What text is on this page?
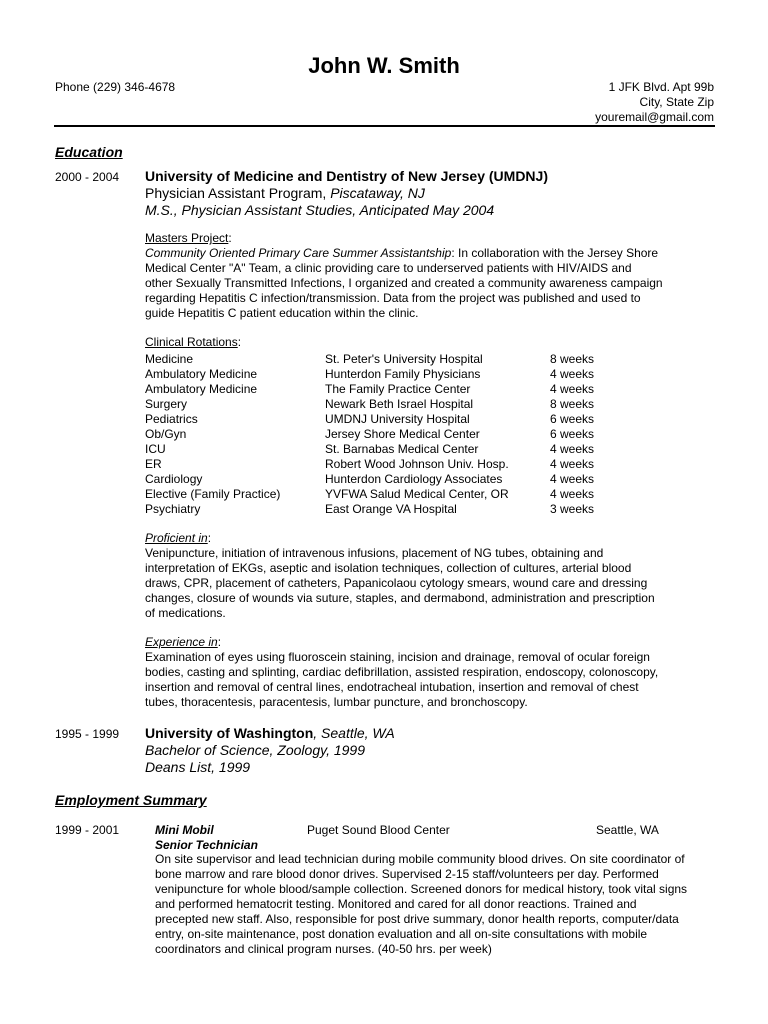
John W. Smith
Phone (229) 346-4678	1 JFK Blvd. Apt 99b
City, State Zip
youremail@gmail.com
Education
2000 - 2004 University of Medicine and Dentistry of New Jersey (UMDNJ)
Physician Assistant Program, Piscataway, NJ
M.S., Physician Assistant Studies, Anticipated May 2004
Masters Project:
Community Oriented Primary Care Summer Assistantship: In collaboration with the Jersey Shore
Medical Center "A" Team, a clinic providing care to underserved patients with HIV/AIDS and
other Sexually Transmitted Infections, I organized and created a community awareness campaign
regarding Hepatitis C infection/transmission. Data from the project was published and used to
guide Hepatitis C patient education within the clinic.
Clinical Rotations:
Medicine	St. Peter's University Hospital	8 weeks
Ambulatory Medicine	Hunterdon Family Physicians	4 weeks
Ambulatory Medicine	The Family Practice Center	4 weeks
Surgery	Newark Beth Israel Hospital	8 weeks
Pediatrics	UMDNJ University Hospital	6 weeks
Ob/Gyn	Jersey Shore Medical Center	6 weeks
ICU	St. Barnabas Medical Center	4 weeks
ER	Robert Wood Johnson Univ. Hosp.	4 weeks
Cardiology	Hunterdon Cardiology Associates	4 weeks
Elective (Family Practice)	YVFWA Salud Medical Center, OR	4 weeks
Psychiatry	East Orange VA Hospital	3 weeks
Proficient in:
Venipuncture, initiation of intravenous infusions, placement of NG tubes, obtaining and
interpretation of EKGs, aseptic and isolation techniques, collection of cultures, arterial blood
draws, CPR, placement of catheters, Papanicolaou cytology smears, wound care and dressing
changes, closure of wounds via suture, staples, and dermabond, administration and prescription
of medications.
Experience in:
Examination of eyes using fluoroscein staining, incision and drainage, removal of ocular foreign
bodies, casting and splinting, cardiac defibrillation, assisted respiration, endoscopy, colonoscopy,
insertion and removal of central lines, endotracheal intubation, insertion and removal of chest
tubes, thoracentesis, paracentesis, lumbar puncture, and bronchoscopy.
1995 - 1999 University of Washington, Seattle, WA
Bachelor of Science, Zoology, 1999
Deans List, 1999
Employment Summary
1999 - 2001	Mini Mobil	Puget Sound Blood Center	Seattle, WA
Senior Technician
On site supervisor and lead technician during mobile community blood drives. On site coordinator of
bone marrow and rare blood donor drives. Supervised 2-15 staff/volunteers per day. Performed
venipuncture for whole blood/sample collection. Screened donors for medical history, took vital signs
and performed hematocrit testing. Monitored and cared for all donor reactions. Trained and
precepted new staff. Also, responsible for post drive summary, donor health reports, computer/data
entry, on-site maintenance, post donation evaluation and all on-site consultations with mobile
coordinators and clinical program nurses. (40-50 hrs. per week)
